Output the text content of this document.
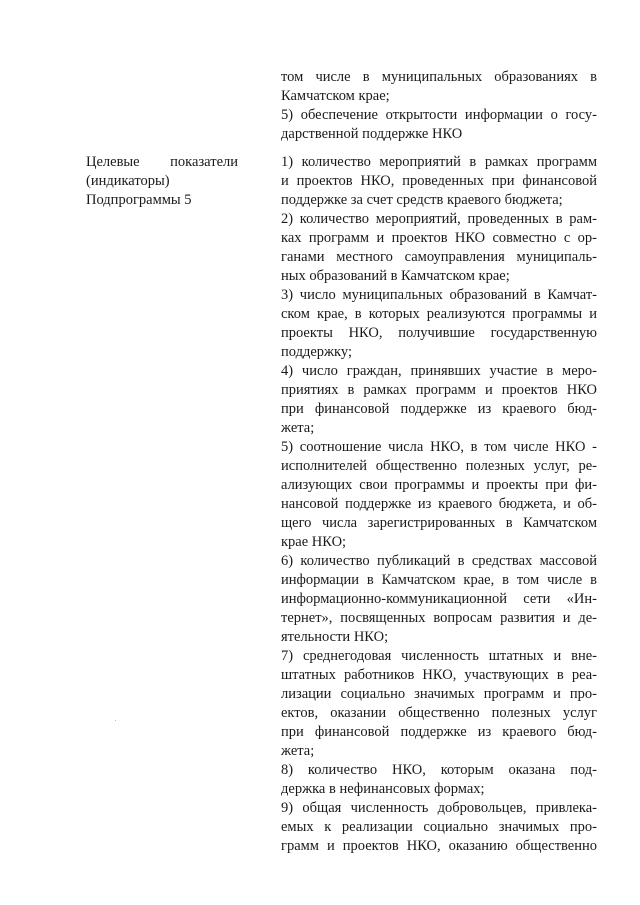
Целевые показатели
(индикаторы)
Подпрограммы 5
том числе в муниципальных образованиях в
Камчатском крае;
5) обеспечение открытости информации о госу-
дарственной поддержке НКО
1) количество мероприятий в рамках программ
и проектов НКО, проведенных при финансовой
поддержке за счет средств краевого бюджета;
2) количество мероприятий, проведенных в рам-
ках программ и проектов НКО совместно с ор-
ганами местного самоуправления муниципаль-
ных образований в Камчатском крае;
3) число муниципальных образований в Камчат-
ском крае, в которых реализуются программы и
проекты НКО, получившие государственную
поддержку;
4) число граждан, принявших участие в меро-
приятиях в рамках программ и проектов НКО
при финансовой поддержке из краевого бюд-
жета;
5) соотношение числа НКО, в том числе НКО -
исполнителей общественно полезных услуг, ре-
ализующих свои программы и проекты при фи-
нансовой поддержке из краевого бюджета, и об-
щего числа зарегистрированных в Камчатском
крае НКО;
6) количество публикаций в средствах массовой
информации в Камчатском крае, в том числе в
информационно-коммуникационной сети «Ин-
тернет», посвященных вопросам развития и де-
ятельности НКО;
7) среднегодовая численность штатных и вне-
штатных работников НКО, участвующих в реа-
лизации социально значимых программ и про-
ектов, оказании общественно полезных услуг
при финансовой поддержке из краевого бюд-
жета;
8) количество НКО, которым оказана под-
держка в нефинансовых формах;
9) общая численность добровольцев, привлека-
емых к реализации социально значимых про-
грамм и проектов НКО, оказанию общественно
